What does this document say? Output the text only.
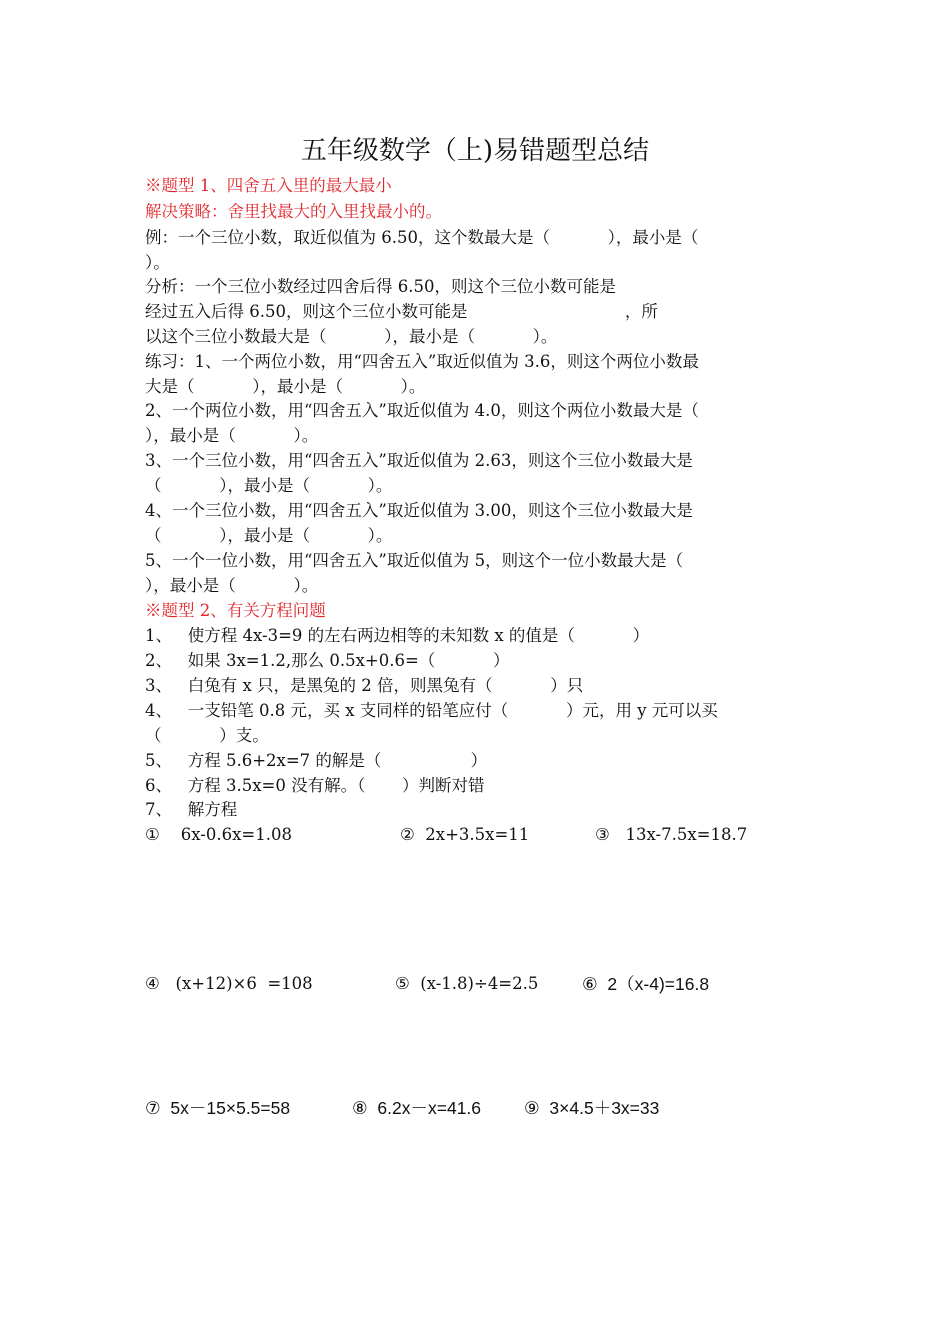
五年级数学（上)易错题型总结
※题型 1、四舍五入里的最大最小
解决策略：舍里找最大的入里找最小的。
例：一个三位小数，取近似值为 6.50，这个数最大是（           ），最小是（
）。
分析：一个三位小数经过四舍后得 6.50，则这个三位小数可能是
经过五入后得 6.50，则这个三位小数可能是                              ，所
以这个三位小数最大是（           ），最小是（           ）。
练习：1、一个两位小数，用“四舍五入”取近似值为 3.6，则这个两位小数最
大是（           ），最小是（           ）。
2、一个两位小数，用“四舍五入”取近似值为 4.0，则这个两位小数最大是（
），最小是（           ）。
3、一个三位小数，用“四舍五入”取近似值为 2.63，则这个三位小数最大是
（           ），最小是（           ）。
4、一个三位小数，用“四舍五入”取近似值为 3.00，则这个三位小数最大是
（           ），最小是（           ）。
5、一个一位小数，用“四舍五入”取近似值为 5，则这个一位小数最大是（
），最小是（           ）。
※题型 2、有关方程问题
1、   使方程 4x-3=9 的左右两边相等的未知数 x 的值是（           ）
2、   如果 3x=1.2,那么 0.5x+0.6=（           ）
3、   白兔有 x 只，是黑兔的 2 倍，则黑兔有（           ）只
4、   一支铅笔 0.8 元，买 x 支同样的铅笔应付（           ）元，用 y 元可以买
（           ）支。
5、   方程 5.6+2x=7 的解是（                 ）
6、   方程 3.5x=0 没有解。（       ）判断对错
7、   解方程
①    6x-0.6x=1.08	②  2x+3.5x=11	③   13x-7.5x=18.7
④   (x+12)×6  =108	⑤  (x-1.8)÷4=2.5 ⑥  2（x-4)=16.8
⑦  5x－15×5.5=58	⑧  6.2x－x=41.6 ⑨  3×4.5＋3x=33
